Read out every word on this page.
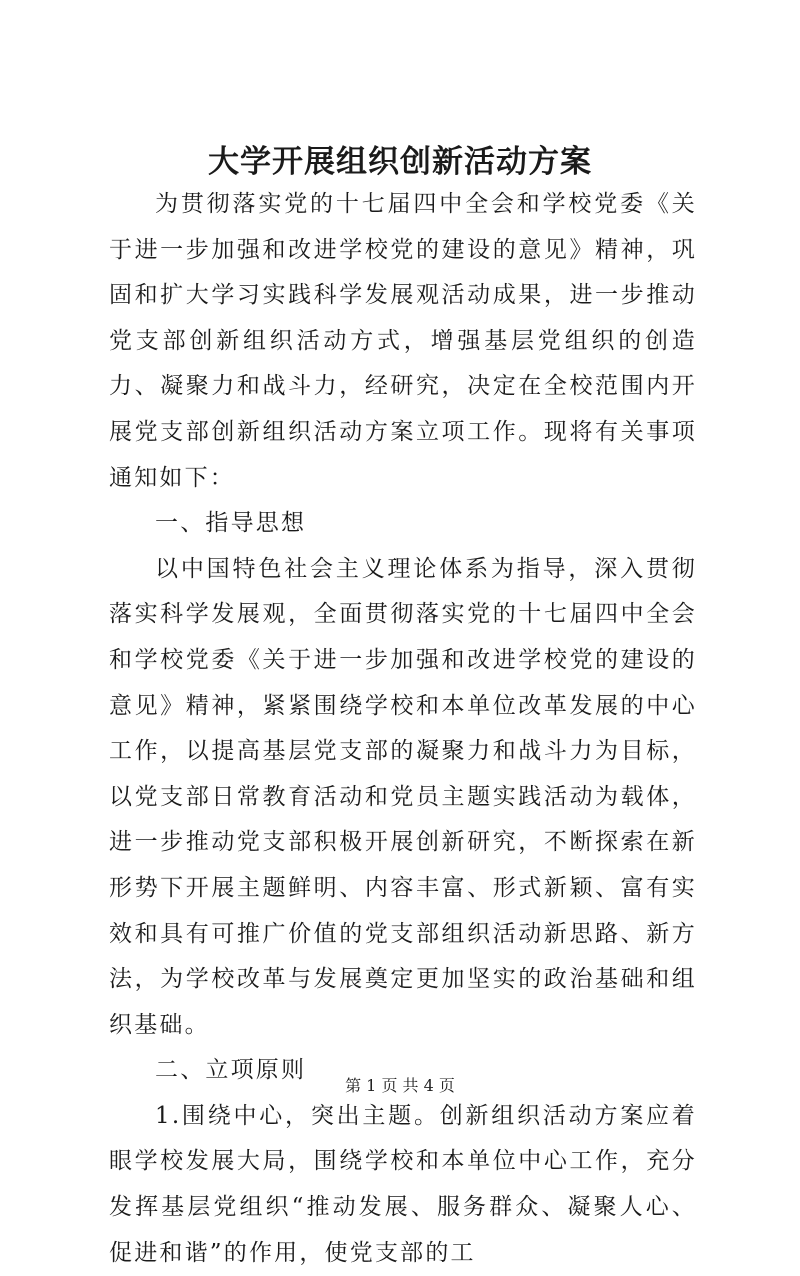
大学开展组织创新活动方案

为贯彻落实党的十七届四中全会和学校党委《关于进一步加强和改进学校党的建设的意见》精神，巩固和扩大学习实践科学发展观活动成果，进一步推动党支部创新组织活动方式，增强基层党组织的创造力、凝聚力和战斗力，经研究，决定在全校范围内开展党支部创新组织活动方案立项工作。现将有关事项通知如下：

一、指导思想

以中国特色社会主义理论体系为指导，深入贯彻落实科学发展观，全面贯彻落实党的十七届四中全会和学校党委《关于进一步加强和改进学校党的建设的意见》精神，紧紧围绕学校和本单位改革发展的中心工作，以提高基层党支部的凝聚力和战斗力为目标，以党支部日常教育活动和党员主题实践活动为载体，进一步推动党支部积极开展创新研究，不断探索在新形势下开展主题鲜明、内容丰富、形式新颖、富有实效和具有可推广价值的党支部组织活动新思路、新方法，为学校改革与发展奠定更加坚实的政治基础和组织基础。

二、立项原则

1.围绕中心，突出主题。创新组织活动方案应着眼学校发展大局，围绕学校和本单位中心工作，充分发挥基层党组织“推动发展、服务群众、凝聚人心、促进和谐”的作用，使党支部的工

第 1 页 共 4 页
